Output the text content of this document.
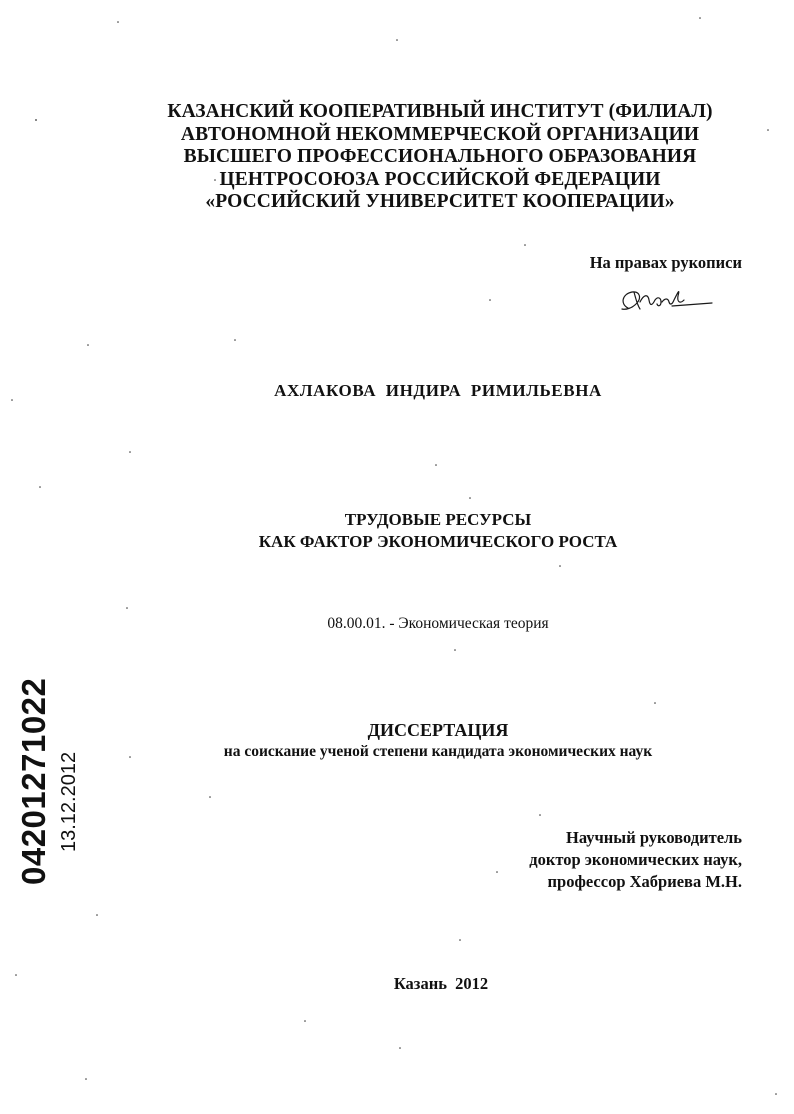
КАЗАНСКИЙ КООПЕРАТИВНЫЙ ИНСТИТУТ (ФИЛИАЛ)
АВТОНОМНОЙ НЕКОММЕРЧЕСКОЙ ОРГАНИЗАЦИИ
ВЫСШЕГО ПРОФЕССИОНАЛЬНОГО ОБРАЗОВАНИЯ
ЦЕНТРОСОЮЗА РОССИЙСКОЙ ФЕДЕРАЦИИ
«РОССИЙСКИЙ УНИВЕРСИТЕТ КООПЕРАЦИИ»
На правах рукописи
АХЛАКОВА  ИНДИРА  РИМИЛЬЕВНА
ТРУДОВЫЕ РЕСУРСЫ
КАК ФАКТОР ЭКОНОМИЧЕСКОГО РОСТА
08.00.01. - Экономическая теория
ДИССЕРТАЦИЯ
на соискание ученой степени кандидата экономических наук
Научный руководитель
доктор экономических наук,
профессор Хабриева М.Н.
Казань  2012
04201271022 13.12.2012
